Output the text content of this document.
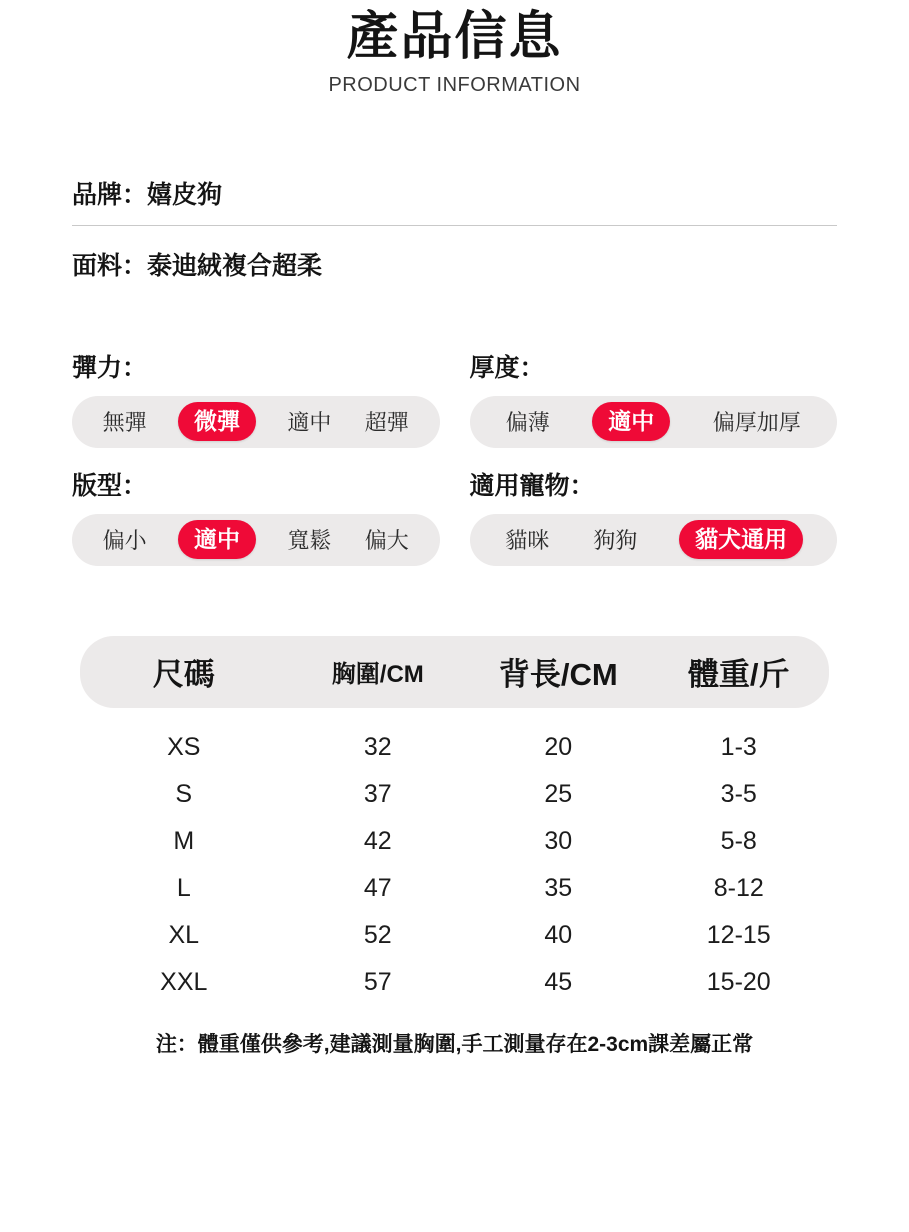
產品信息
PRODUCT INFORMATION
品牌：嬉皮狗
面料：泰迪絨複合超柔
彈力：
無彈	微彈	適中 超彈
厚度：
偏薄	適中	偏厚加厚
版型：
偏小	適中	寬鬆 偏大
適用寵物：
貓咪 狗狗	貓犬通用
尺碼	胸圍/CM	背長/CM	體重/斤
XS	32	20	1-3
S	37	25	3-5
M	42	30	5-8
L	47	35	8-12
XL	52	40	12-15
XXL	57	45	15-20
注：體重僅供參考,建議測量胸圍,手工測量存在2-3cm課差屬正常
